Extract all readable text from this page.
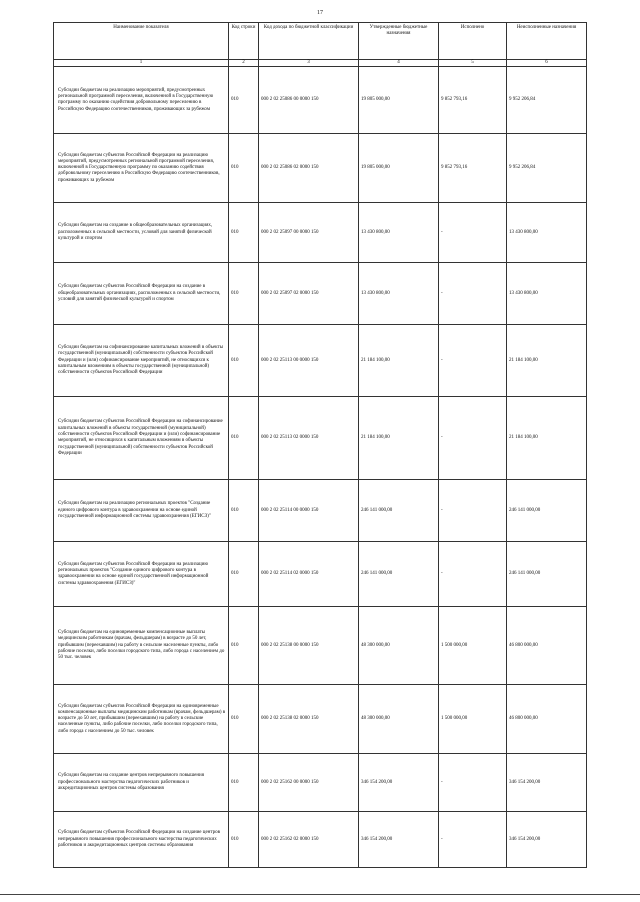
17
Наименование показателя	Код строки	Код дохода по бюджетной классификации	Утвержденные бюджетные назначения	Исполнено	Неисполненные назначения
1	2	3	4	5	6
Субсидии бюджетам на реализацию мероприятий, предусмотренных региональной программой переселения, включенной в Государственную программу по оказанию содействия добровольному переселению в Российскую Федерацию соотечественников, проживающих за рубежом	010	000 2 02 25086 00 0000 150	19 805 000,00	9 852 793,16	9 952 206,84
Субсидии бюджетам субъектов Российской Федерации на реализацию мероприятий, предусмотренных региональной программой переселения, включенной в Государственную программу по оказанию содействия добровольному переселению в Российскую Федерацию соотечественников, проживающих за рубежом	010	000 2 02 25086 02 0000 150	19 805 000,00	9 852 793,16	9 952 206,84
Субсидии бюджетам на создание в общеобразовательных организациях, расположенных в сельской местности, условий для занятий физической культурой и спортом	010	000 2 02 25097 00 0000 150	13 430 800,00	-	13 430 800,00
Субсидии бюджетам субъектов Российской Федерации на создание в общеобразовательных организациях, расположенных в сельской местности, условий для занятий физической культурой и спортом	010	000 2 02 25097 02 0000 150	13 430 800,00	-	13 430 800,00
Субсидии бюджетам на софинансирование капитальных вложений в объекты государственной (муниципальной) собственности субъектов Российской Федерации и (или) софинансирование мероприятий, не относящихся к капитальным вложениям в объекты государственной (муниципальной) собственности субъектов Российской Федерации	010	000 2 02 25113 00 0000 150	21 184 100,00	-	21 184 100,00
Субсидии бюджетам субъектов Российской Федерации на софинансирование капитальных вложений в объекты государственной (муниципальной) собственности субъектов Российской Федерации и (или) софинансирование мероприятий, не относящихся к капитальным вложениям в объекты государственной (муниципальной) собственности субъектов Российской Федерации	010	000 2 02 25113 02 0000 150	21 184 100,00	-	21 184 100,00
Субсидии бюджетам на реализацию региональных проектов "Создание единого цифрового контура в здравоохранении на основе единой государственной информационной системы здравоохранения (ЕГИСЗ)"	010	000 2 02 25114 00 0000 150	246 141 000,00	-	246 141 000,00
Субсидии бюджетам субъектов Российской Федерации на реализацию региональных проектов "Создание единого цифрового контура в здравоохранении на основе единой государственной информационной системы здравоохранения (ЕГИСЗ)"	010	000 2 02 25114 02 0000 150	246 141 000,00	-	246 141 000,00
Субсидии бюджетам на единовременные компенсационные выплаты медицинским работникам (врачам, фельдшерам) в возрасте до 50 лет, прибывшим (переехавшим) на работу в сельские населенные пункты, либо рабочие поселки, либо поселки городского типа, либо города с населением до 50 тыс. человек	010	000 2 02 25138 00 0000 150	48 300 000,00	1 500 000,00	46 800 000,00
Субсидии бюджетам субъектов Российской Федерации на единовременные компенсационные выплаты медицинским работникам (врачам, фельдшерам) в возрасте до 50 лет, прибывшим (переехавшим) на работу в сельские населенные пункты, либо рабочие поселки, либо поселки городского типа, либо города с населением до 50 тыс. человек	010	000 2 02 25138 02 0000 150	48 300 000,00	1 500 000,00	46 800 000,00
Субсидии бюджетам на создание центров непрерывного повышения профессионального мастерства педагогических работников и аккредитационных центров системы образования	010	000 2 02 25162 00 0000 150	346 154 200,00	-	346 154 200,00
Субсидии бюджетам субъектов Российской Федерации на создание центров непрерывного повышения профессионального мастерства педагогических работников и аккредитационных центров системы образования	010	000 2 02 25162 02 0000 150	346 154 200,00	-	346 154 200,00
